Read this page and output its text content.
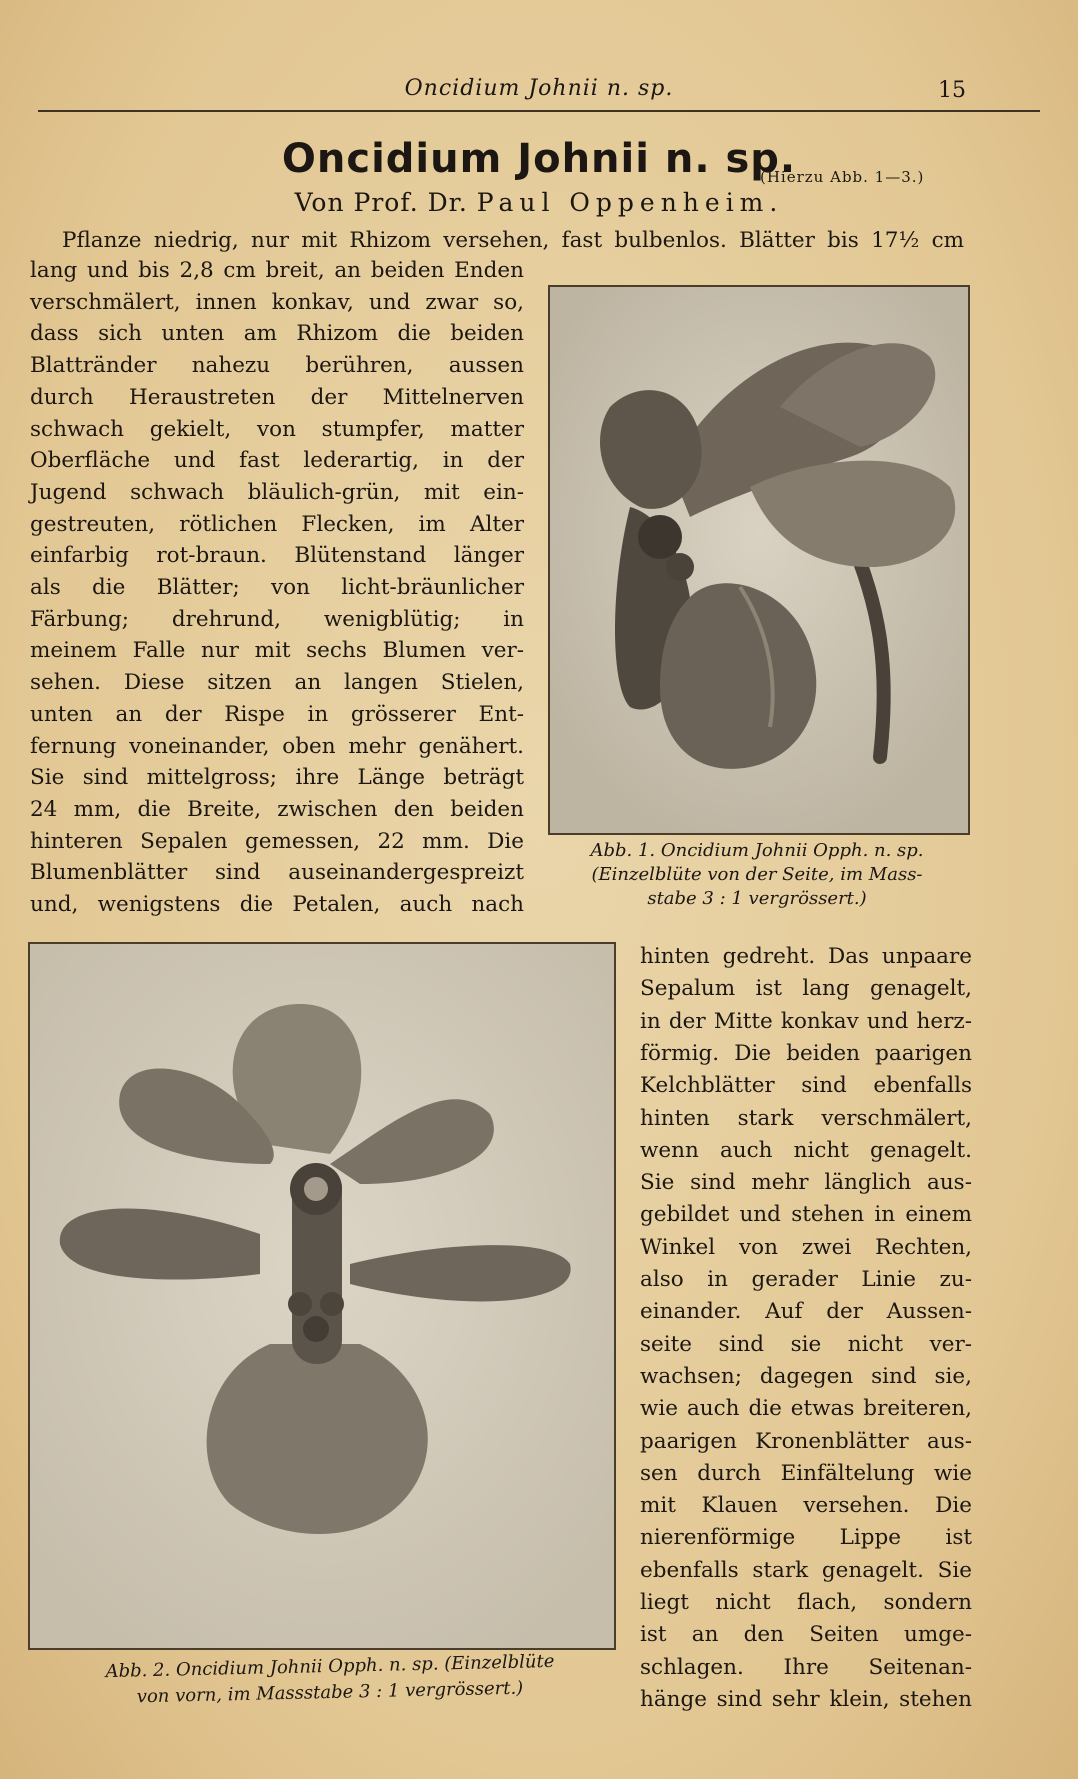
Oncidium Johnii n. sp.	15
Oncidium Johnii n. sp.
(Hierzu Abb. 1—3.)
Von Prof. Dr. Paul Oppenheim.
Pflanze niedrig, nur mit Rhizom versehen, fast bulbenlos. Blätter bis 17½ cm
lang und bis 2,8 cm breit, an beiden Enden
verschmälert, innen konkav, und zwar so,
dass sich unten am Rhizom die beiden
Blattränder nahezu berühren, aussen
durch Heraustreten der Mittelnerven
schwach gekielt, von stumpfer, matter
Oberfläche und fast lederartig, in der
Jugend schwach bläulich-grün, mit ein-
gestreuten, rötlichen Flecken, im Alter
einfarbig rot-braun. Blütenstand länger
als die Blätter; von licht-bräunlicher
Färbung; drehrund, wenigblütig; in
meinem Falle nur mit sechs Blumen ver-
sehen. Diese sitzen an langen Stielen,
unten an der Rispe in grösserer Ent-
fernung voneinander, oben mehr genähert.
Sie sind mittelgross; ihre Länge beträgt
24 mm, die Breite, zwischen den beiden
hinteren Sepalen gemessen, 22 mm. Die
Blumenblätter sind auseinandergespreizt
und, wenigstens die Petalen, auch nach
hinten gedreht. Das unpaare
Sepalum ist lang genagelt,
in der Mitte konkav und herz-
förmig. Die beiden paarigen
Kelchblätter sind ebenfalls
hinten stark verschmälert,
wenn auch nicht genagelt.
Sie sind mehr länglich aus-
gebildet und stehen in einem
Winkel von zwei Rechten,
also in gerader Linie zu-
einander. Auf der Aussen-
seite sind sie nicht ver-
wachsen; dagegen sind sie,
wie auch die etwas breiteren,
paarigen Kronenblätter aus-
sen durch Einfältelung wie
mit Klauen versehen. Die
nierenförmige Lippe ist
ebenfalls stark genagelt. Sie
liegt nicht flach, sondern
ist an den Seiten umge-
schlagen. Ihre Seitenan-
hänge sind sehr klein, stehen
Abb. 1. Oncidium Johnii Opph. n. sp.
(Einzelblüte von der Seite, im Mass-
stabe 3 : 1 vergrössert.)
Abb. 2. Oncidium Johnii Opph. n. sp. (Einzelblüte
von vorn, im Massstabe 3 : 1 vergrössert.)
